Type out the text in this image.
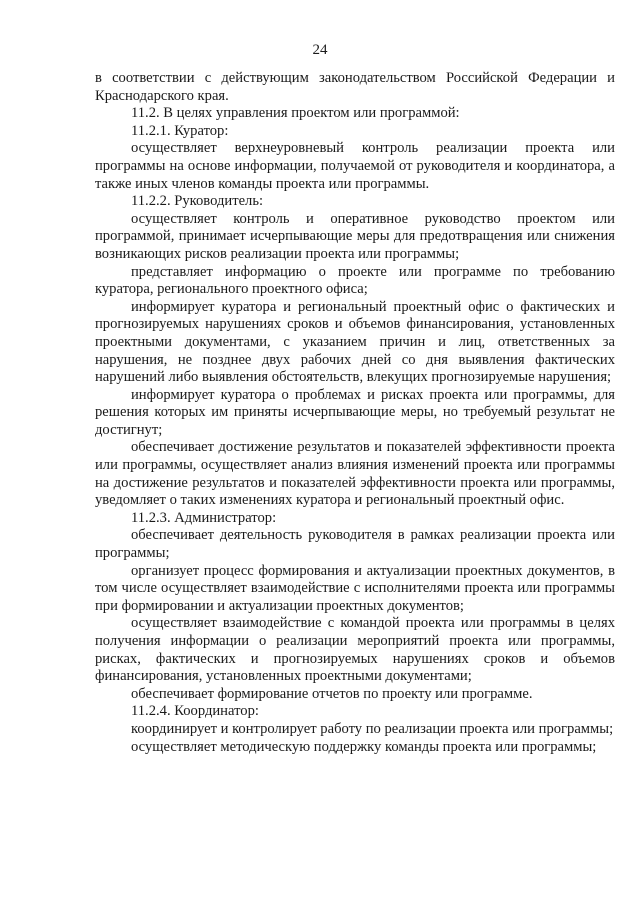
24

в соответствии с действующим законодательством Российской Федерации и Краснодарского края.

11.2. В целях управления проектом или программой:

11.2.1. Куратор:

осуществляет верхнеуровневый контроль реализации проекта или программы на основе информации, получаемой от руководителя и координатора, а также иных членов команды проекта или программы.

11.2.2. Руководитель:

осуществляет контроль и оперативное руководство проектом или программой, принимает исчерпывающие меры для предотвращения или снижения возникающих рисков реализации проекта или программы;

представляет информацию о проекте или программе по требованию куратора, регионального проектного офиса;

информирует куратора и региональный проектный офис о фактических и прогнозируемых нарушениях сроков и объемов финансирования, установленных проектными документами, с указанием причин и лиц, ответственных за нарушения, не позднее двух рабочих дней со дня выявления фактических нарушений либо выявления обстоятельств, влекущих прогнозируемые нарушения;

информирует куратора о проблемах и рисках проекта или программы, для решения которых им приняты исчерпывающие меры, но требуемый результат не достигнут;

обеспечивает достижение результатов и показателей эффективности проекта или программы, осуществляет анализ влияния изменений проекта или программы на достижение результатов и показателей эффективности проекта или программы, уведомляет о таких изменениях куратора и региональный проектный офис.

11.2.3. Администратор:

обеспечивает деятельность руководителя в рамках реализации проекта или программы;

организует процесс формирования и актуализации проектных документов, в том числе осуществляет взаимодействие с исполнителями проекта или программы при формировании и актуализации проектных документов;

осуществляет взаимодействие с командой проекта или программы в целях получения информации о реализации мероприятий проекта или программы, рисках, фактических и прогнозируемых нарушениях сроков и объемов финансирования, установленных проектными документами;

обеспечивает формирование отчетов по проекту или программе.

11.2.4. Координатор:

координирует и контролирует работу по реализации проекта или программы;

осуществляет методическую поддержку команды проекта или программы;
